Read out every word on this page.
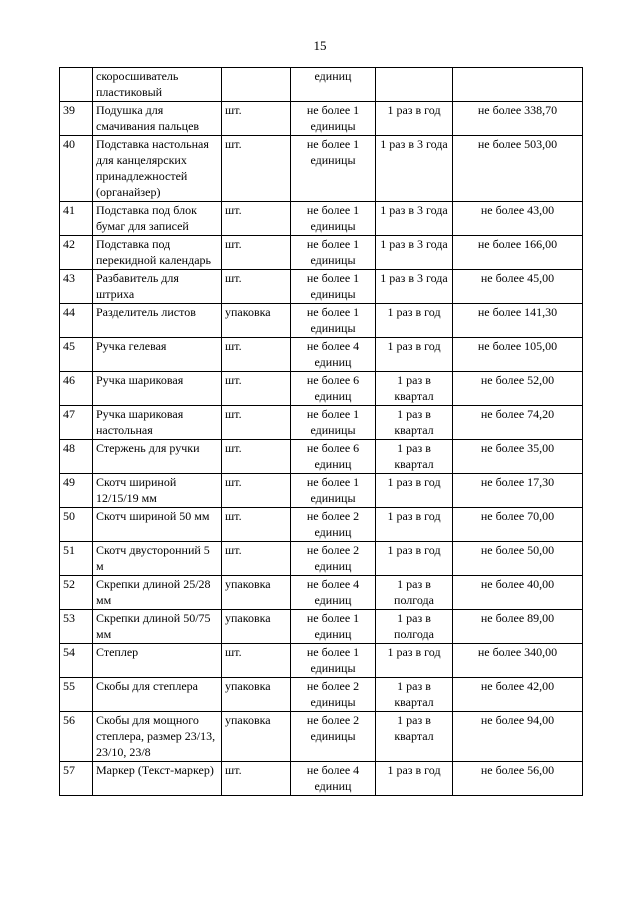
15
	скоросшиватель пластиковый		единиц		
39	Подушка для смачивания пальцев	шт.	не более 1 единицы	1 раз в год	не более 338,70
40	Подставка настольная для канцелярских принадлежностей (органайзер)	шт.	не более 1 единицы	1 раз в 3 года	не более 503,00
41	Подставка под блок бумаг для записей	шт.	не более 1 единицы	1 раз в 3 года	не более 43,00
42	Подставка под перекидной календарь	шт.	не более 1 единицы	1 раз в 3 года	не более 166,00
43	Разбавитель для штриха	шт.	не более 1 единицы	1 раз в 3 года	не более 45,00
44	Разделитель листов	упаковка	не более 1 единицы	1 раз в год	не более 141,30
45	Ручка гелевая	шт.	не более 4 единиц	1 раз в год	не более 105,00
46	Ручка шариковая	шт.	не более 6 единиц	1 раз в квартал	не более 52,00
47	Ручка шариковая настольная	шт.	не более 1 единицы	1 раз в квартал	не более 74,20
48	Стержень для ручки	шт.	не более 6 единиц	1 раз в квартал	не более 35,00
49	Скотч шириной 12/15/19 мм	шт.	не более 1 единицы	1 раз в год	не более 17,30
50	Скотч шириной 50 мм	шт.	не более 2 единиц	1 раз в год	не более 70,00
51	Скотч двусторонний 5 м	шт.	не более 2 единиц	1 раз в год	не более 50,00
52	Скрепки длиной 25/28 мм	упаковка	не более 4 единиц	1 раз в полгода	не более 40,00
53	Скрепки длиной 50/75 мм	упаковка	не более 1 единиц	1 раз в полгода	не более 89,00
54	Степлер	шт.	не более 1 единицы	1 раз в год	не более 340,00
55	Скобы для степлера	упаковка	не более 2 единицы	1 раз в квартал	не более 42,00
56	Скобы для мощного степлера, размер 23/13, 23/10, 23/8	упаковка	не более 2 единицы	1 раз в квартал	не более 94,00
57	Маркер (Текст-маркер)	шт.	не более 4 единиц	1 раз в год	не более 56,00
